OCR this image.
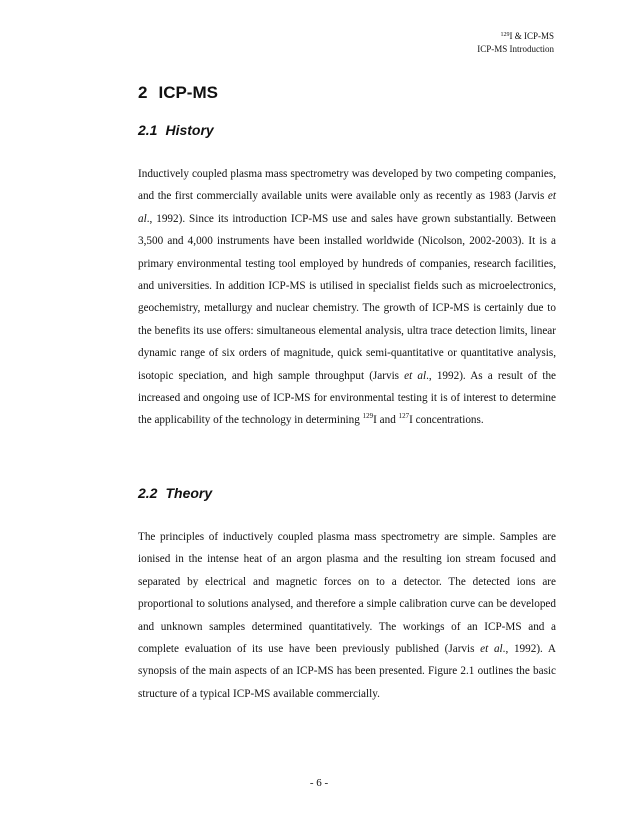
$^{129}$I & ICP-MS
ICP-MS Introduction
2 ICP-MS
2.1 History

Inductively coupled plasma mass spectrometry was developed by two competing companies, and the first commercially available units were available only as recently as 1983 (Jarvis et al., 1992). Since its introduction ICP-MS use and sales have grown substantially. Between 3,500 and 4,000 instruments have been installed worldwide (Nicolson, 2002-2003). It is a primary environmental testing tool employed by hundreds of companies, research facilities, and universities. In addition ICP-MS is utilised in specialist fields such as microelectronics, geochemistry, metallurgy and nuclear chemistry. The growth of ICP-MS is certainly due to the benefits its use offers: simultaneous elemental analysis, ultra trace detection limits, linear dynamic range of six orders of magnitude, quick semi-quantitative or quantitative analysis, isotopic speciation, and high sample throughput (Jarvis et al., 1992). As a result of the increased and ongoing use of ICP-MS for environmental testing it is of interest to determine the applicability of the technology in determining $^{129}$I and $^{127}$I concentrations.

2.2 Theory

The principles of inductively coupled plasma mass spectrometry are simple. Samples are ionised in the intense heat of an argon plasma and the resulting ion stream focused and separated by electrical and magnetic forces on to a detector. The detected ions are proportional to solutions analysed, and therefore a simple calibration curve can be developed and unknown samples determined quantitatively. The workings of an ICP-MS and a complete evaluation of its use have been previously published (Jarvis et al., 1992). A synopsis of the main aspects of an ICP-MS has been presented. Figure 2.1 outlines the basic structure of a typical ICP-MS available commercially.

- 6 -
